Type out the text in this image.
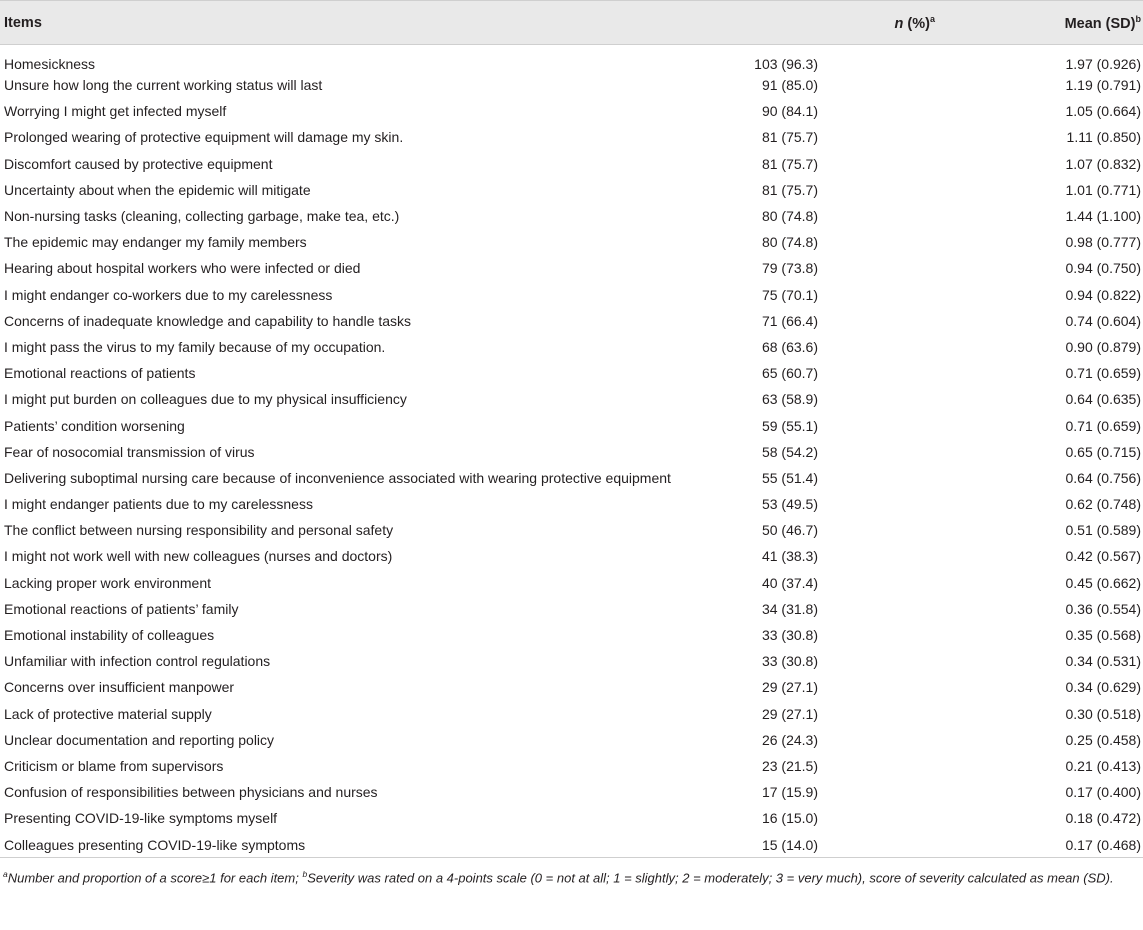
Items	n (%)$^a$	Mean (SD)$^b$
Homesickness	103 (96.3)	1.97 (0.926)
Unsure how long the current working status will last	91 (85.0)	1.19 (0.791)
Worrying I might get infected myself	90 (84.1)	1.05 (0.664)
Prolonged wearing of protective equipment will damage my skin.	81 (75.7)	1.11 (0.850)
Discomfort caused by protective equipment	81 (75.7)	1.07 (0.832)
Uncertainty about when the epidemic will mitigate	81 (75.7)	1.01 (0.771)
Non-nursing tasks (cleaning, collecting garbage, make tea, etc.)	80 (74.8)	1.44 (1.100)
The epidemic may endanger my family members	80 (74.8)	0.98 (0.777)
Hearing about hospital workers who were infected or died	79 (73.8)	0.94 (0.750)
I might endanger co-workers due to my carelessness	75 (70.1)	0.94 (0.822)
Concerns of inadequate knowledge and capability to handle tasks	71 (66.4)	0.74 (0.604)
I might pass the virus to my family because of my occupation.	68 (63.6)	0.90 (0.879)
Emotional reactions of patients	65 (60.7)	0.71 (0.659)
I might put burden on colleagues due to my physical insufficiency	63 (58.9)	0.64 (0.635)
Patients’ condition worsening	59 (55.1)	0.71 (0.659)
Fear of nosocomial transmission of virus	58 (54.2)	0.65 (0.715)
Delivering suboptimal nursing care because of inconvenience associated with wearing protective equipment	55 (51.4)	0.64 (0.756)
I might endanger patients due to my carelessness	53 (49.5)	0.62 (0.748)
The conflict between nursing responsibility and personal safety	50 (46.7)	0.51 (0.589)
I might not work well with new colleagues (nurses and doctors)	41 (38.3)	0.42 (0.567)
Lacking proper work environment	40 (37.4)	0.45 (0.662)
Emotional reactions of patients’ family	34 (31.8)	0.36 (0.554)
Emotional instability of colleagues	33 (30.8)	0.35 (0.568)
Unfamiliar with infection control regulations	33 (30.8)	0.34 (0.531)
Concerns over insufficient manpower	29 (27.1)	0.34 (0.629)
Lack of protective material supply	29 (27.1)	0.30 (0.518)
Unclear documentation and reporting policy	26 (24.3)	0.25 (0.458)
Criticism or blame from supervisors	23 (21.5)	0.21 (0.413)
Confusion of responsibilities between physicians and nurses	17 (15.9)	0.17 (0.400)
Presenting COVID-19-like symptoms myself	16 (15.0)	0.18 (0.472)
Colleagues presenting COVID-19-like symptoms	15 (14.0)	0.17 (0.468)
$^a$Number and proportion of a score≥1 for each item; $^b$Severity was rated on a 4-points scale (0 = not at all; 1 = slightly; 2 = moderately; 3 = very much), score of severity calculated as mean (SD).
